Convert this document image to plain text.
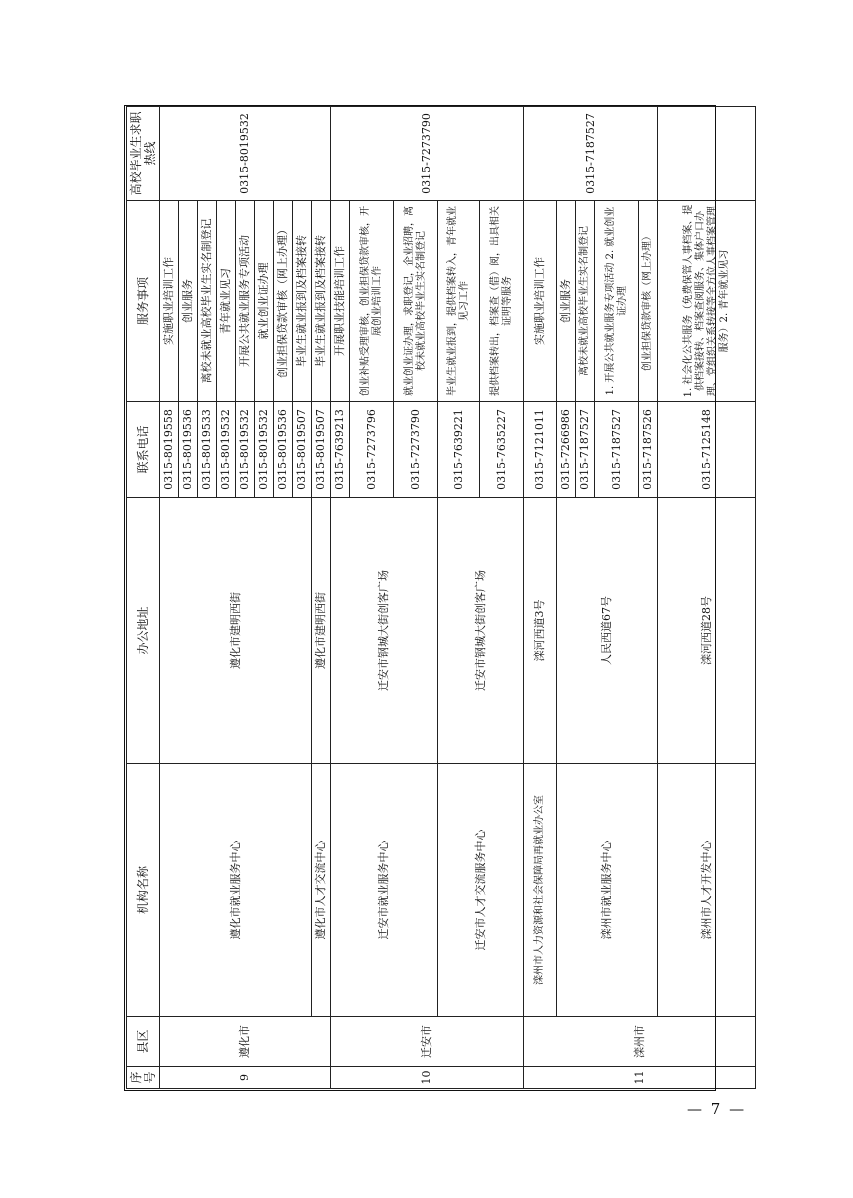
序号	县区	机构名称	办公地址	联系电话	服务事项	高校毕业生求职热线
9	遵化市	遵化市就业服务中心	遵化市建明西街	0315-8019558	实施职业培训工作	0315-8019532
				0315-8019536	创业服务	
				0315-8019533	离校未就业高校毕业生实名制登记	
				0315-8019532	青年就业见习	
				0315-8019532	开展公共就业服务专项活动	
				0315-8019532	就业创业证办理	
				0315-8019536	创业担保贷款审核（网上办理）	
				0315-8019507	毕业生就业报到及档案接转	
		遵化市人才交流中心	遵化市建明西街	0315-8019507	毕业生就业报到及档案接转	
10	迁安市	迁安市就业服务中心	迁安市钢城大街创客广场	0315-7639213	开展职业技能培训工作	0315-7273790
				0315-7273796	创业补贴受理审核，创业担保贷款审核，开展创业培训工作	
				0315-7273790	就业创业证办理，求职登记，企业招聘，离校未就业高校毕业生实名制登记	
		迁安市人才交流服务中心	迁安市钢城大街创客广场	0315-7639221	毕业生就业报到，提供档案转入，青年就业见习工作	
				0315-7635227	提供档案转出，档案查（借）阅，出具相关证明等服务	
11	滦州市	滦州市人力资源和社会保障局再就业办公室	滦河西道3号	0315-7121011	实施职业培训工作	0315-7187527
		滦州市就业服务中心	人民西道67号	0315-7266986	创业服务	
				0315-7187527	离校未就业高校毕业生实名制登记	
				0315-7187527	1. 开展公共就业服务专项活动 2. 就业创业证办理	
				0315-7187526	创业担保贷款审核（网上办理）	
		滦州市人才开发中心	滦河西道28号	0315-7125148	1. 社会化公共服务（免费保管人事档案、提供档案接转、档案查阅服务、集体户口办理、党组织关系转接等全方位人事档案管理服务）2. 青年就业见习	
— 7 —
